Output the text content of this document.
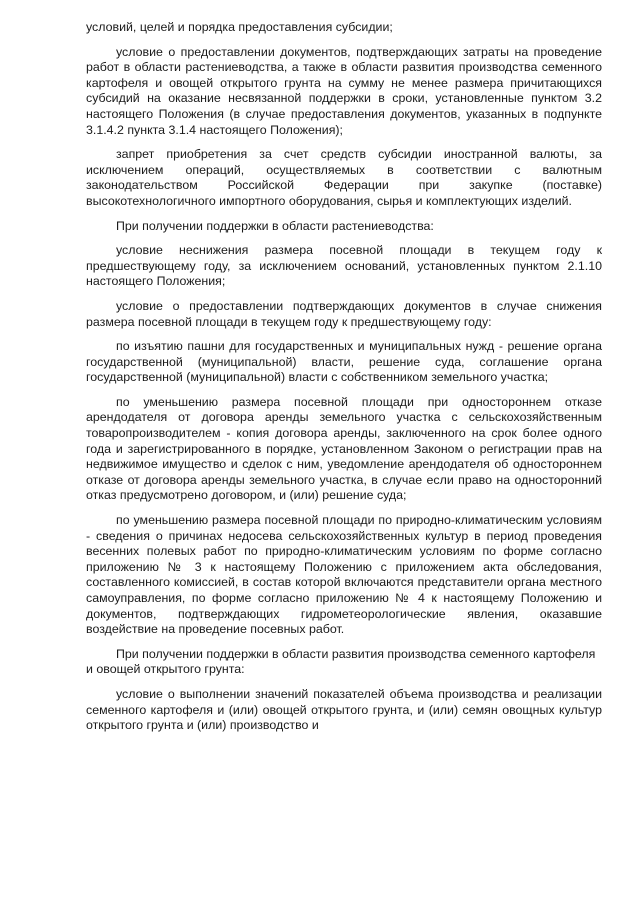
условий, целей и порядка предоставления субсидии;

условие о предоставлении документов, подтверждающих затраты на проведение работ в области растениеводства, а также в области развития производства семенного картофеля и овощей открытого грунта на сумму не менее размера причитающихся субсидий на оказание несвязанной поддержки в сроки, установленные пунктом 3.2 настоящего Положения (в случае предоставления документов, указанных в подпункте 3.1.4.2 пункта 3.1.4 настоящего Положения);

запрет приобретения за счет средств субсидии иностранной валюты, за исключением операций, осуществляемых в соответствии с валютным законодательством Российской Федерации при закупке (поставке) высокотехнологичного импортного оборудования, сырья и комплектующих изделий.

При получении поддержки в области растениеводства:

условие неснижения размера посевной площади в текущем году к предшествующему году, за исключением оснований, установленных пунктом 2.1.10 настоящего Положения;

условие о предоставлении подтверждающих документов в случае снижения размера посевной площади в текущем году к предшествующему году:

по изъятию пашни для государственных и муниципальных нужд - решение органа государственной (муниципальной) власти, решение суда, соглашение органа государственной (муниципальной) власти с собственником земельного участка;

по уменьшению размера посевной площади при одностороннем отказе арендодателя от договора аренды земельного участка с сельскохозяйственным товаропроизводителем - копия договора аренды, заключенного на срок более одного года и зарегистрированного в порядке, установленном Законом о регистрации прав на недвижимое имущество и сделок с ним, уведомление арендодателя об одностороннем отказе от договора аренды земельного участка, в случае если право на односторонний отказ предусмотрено договором, и (или) решение суда;

по уменьшению размера посевной площади по природно-климатическим условиям - сведения о причинах недосева сельскохозяйственных культур в период проведения весенних полевых работ по природно-климатическим условиям по форме согласно приложению № 3 к настоящему Положению с приложением акта обследования, составленного комиссией, в состав которой включаются представители органа местного самоуправления, по форме согласно приложению № 4 к настоящему Положению и документов, подтверждающих гидрометеорологические явления, оказавшие воздействие на проведение посевных работ.

При получении поддержки в области развития производства семенного картофеля и овощей открытого грунта:

условие о выполнении значений показателей объема производства и реализации семенного картофеля и (или) овощей открытого грунта, и (или) семян овощных культур открытого грунта и (или) производство и
